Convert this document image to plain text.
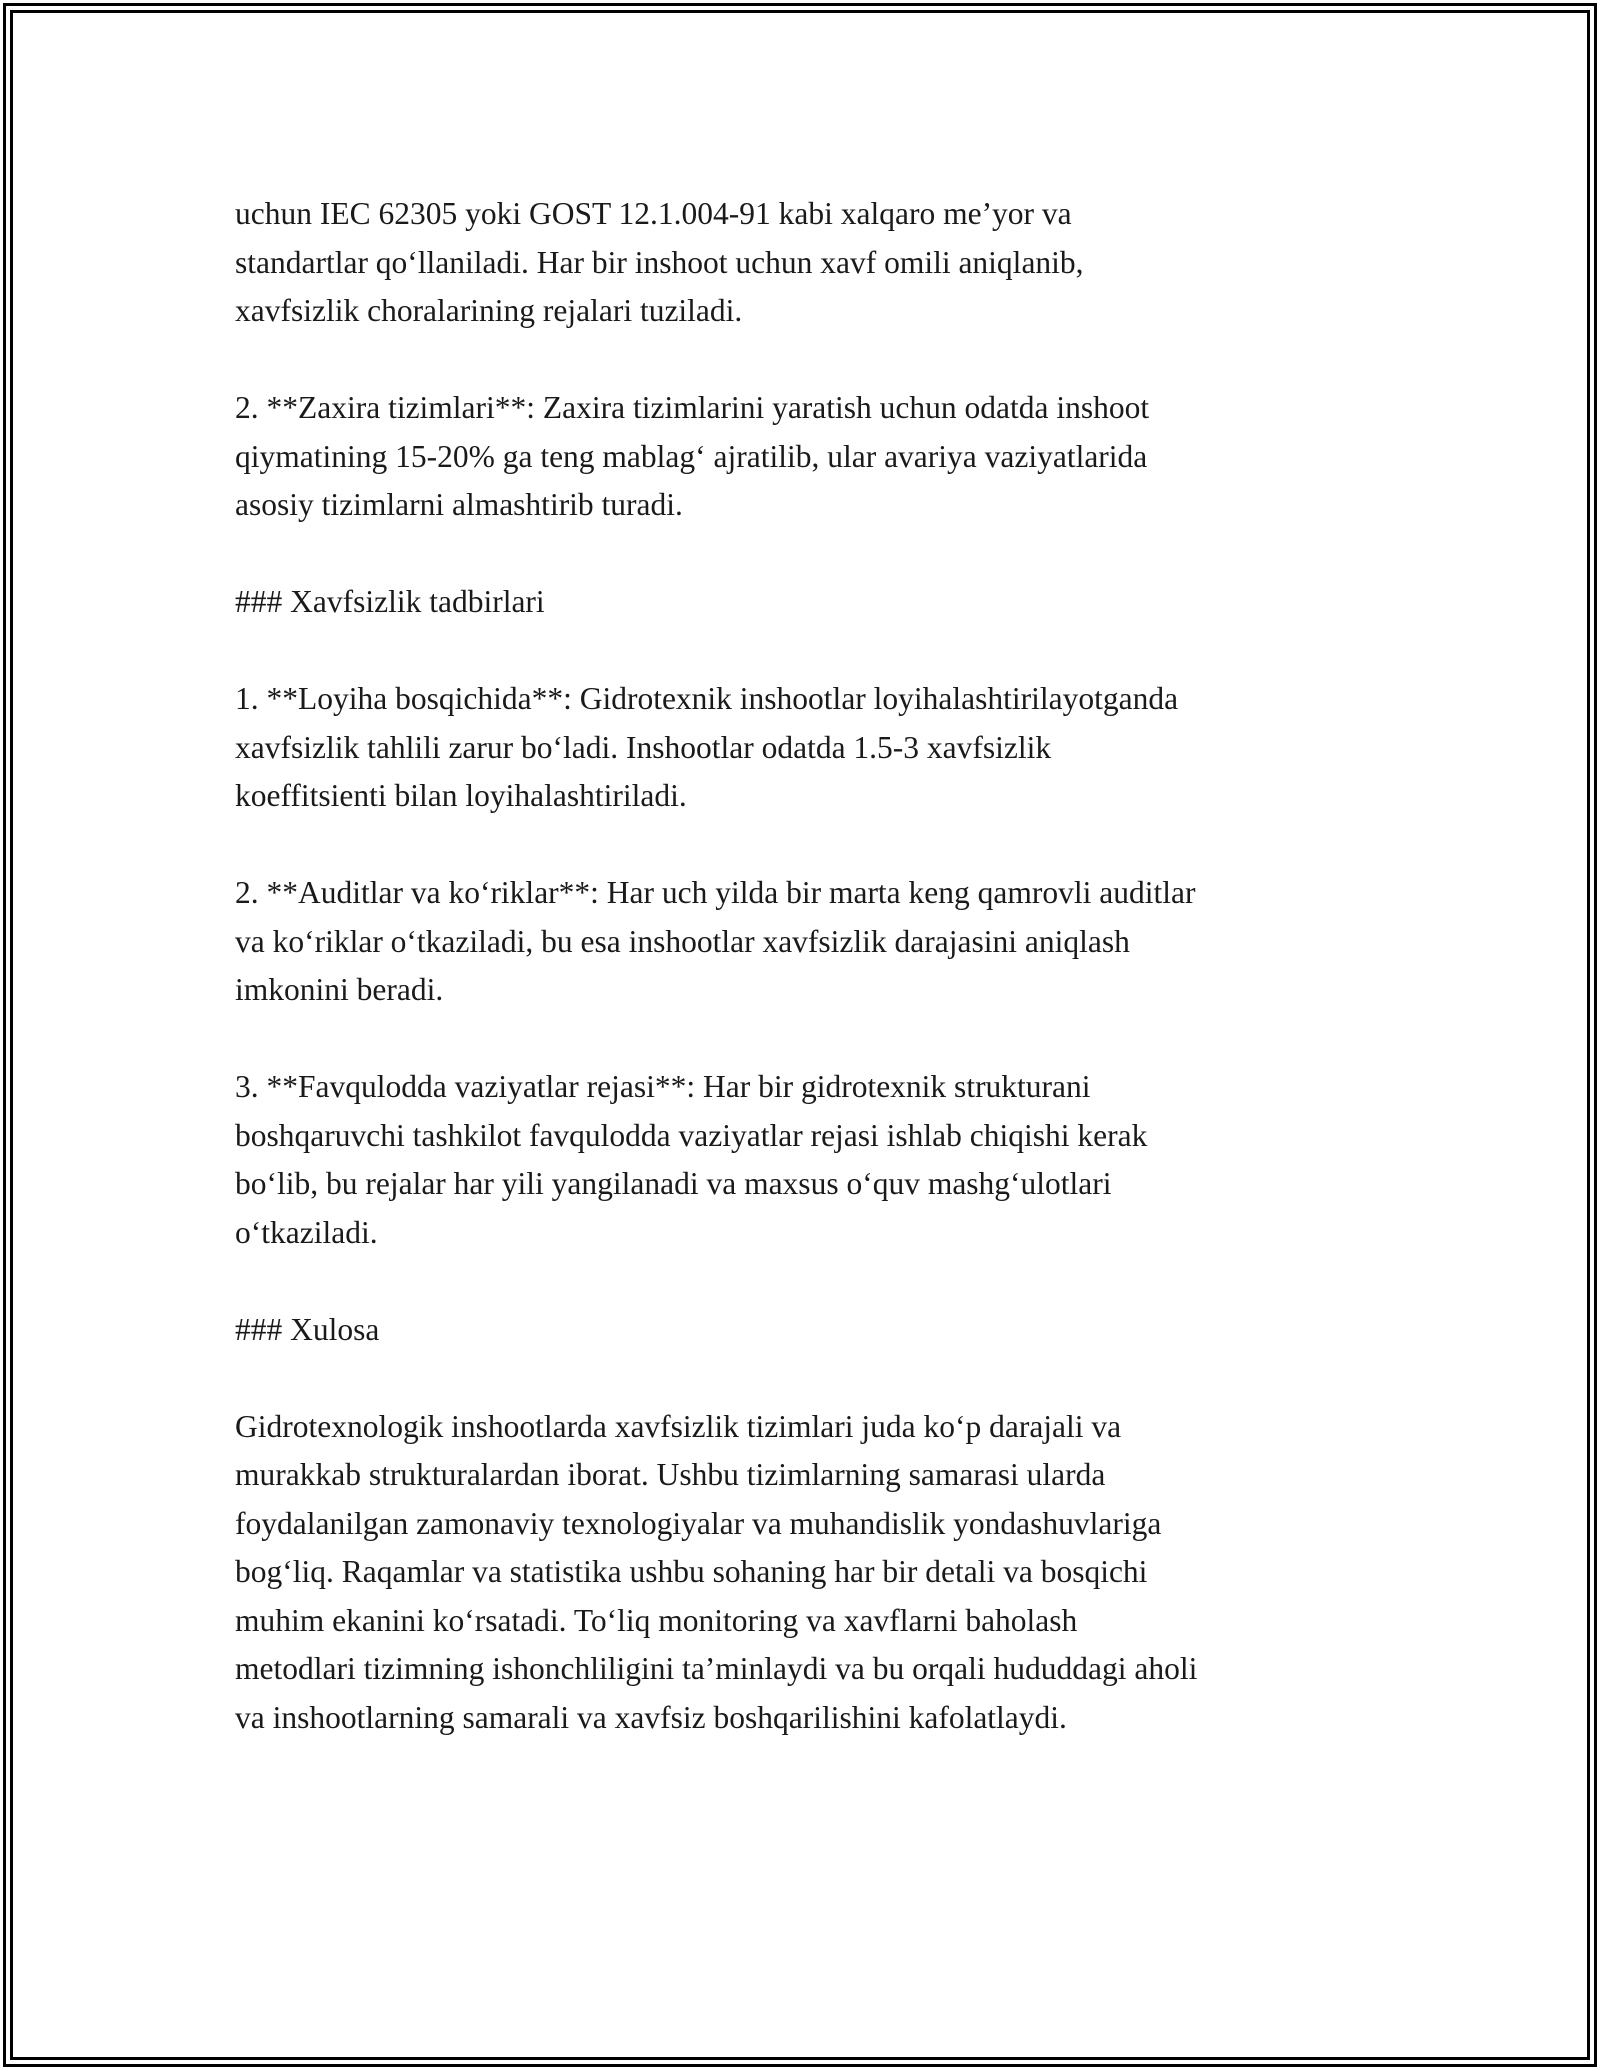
uchun IEC 62305 yoki GOST 12.1.004-91 kabi xalqaro me’yor va
standartlar qo‘llaniladi. Har bir inshoot uchun xavf omili aniqlanib,
xavfsizlik choralarining rejalari tuziladi.

2. **Zaxira tizimlari**: Zaxira tizimlarini yaratish uchun odatda inshoot
qiymatining 15-20% ga teng mablag‘ ajratilib, ular avariya vaziyatlarida
asosiy tizimlarni almashtirib turadi.

### Xavfsizlik tadbirlari

1. **Loyiha bosqichida**: Gidrotexnik inshootlar loyihalashtirilayotganda
xavfsizlik tahlili zarur bo‘ladi. Inshootlar odatda 1.5-3 xavfsizlik
koeffitsienti bilan loyihalashtiriladi.

2. **Auditlar va ko‘riklar**: Har uch yilda bir marta keng qamrovli auditlar
va ko‘riklar o‘tkaziladi, bu esa inshootlar xavfsizlik darajasini aniqlash
imkonini beradi.

3. **Favqulodda vaziyatlar rejasi**: Har bir gidrotexnik strukturani
boshqaruvchi tashkilot favqulodda vaziyatlar rejasi ishlab chiqishi kerak
bo‘lib, bu rejalar har yili yangilanadi va maxsus o‘quv mashg‘ulotlari
o‘tkaziladi.

### Xulosa

Gidrotexnologik inshootlarda xavfsizlik tizimlari juda ko‘p darajali va
murakkab strukturalardan iborat. Ushbu tizimlarning samarasi ularda
foydalanilgan zamonaviy texnologiyalar va muhandislik yondashuvlariga
bog‘liq. Raqamlar va statistika ushbu sohaning har bir detali va bosqichi
muhim ekanini ko‘rsatadi. To‘liq monitoring va xavflarni baholash
metodlari tizimning ishonchliligini ta’minlaydi va bu orqali hududdagi aholi
va inshootlarning samarali va xavfsiz boshqarilishini kafolatlaydi.
